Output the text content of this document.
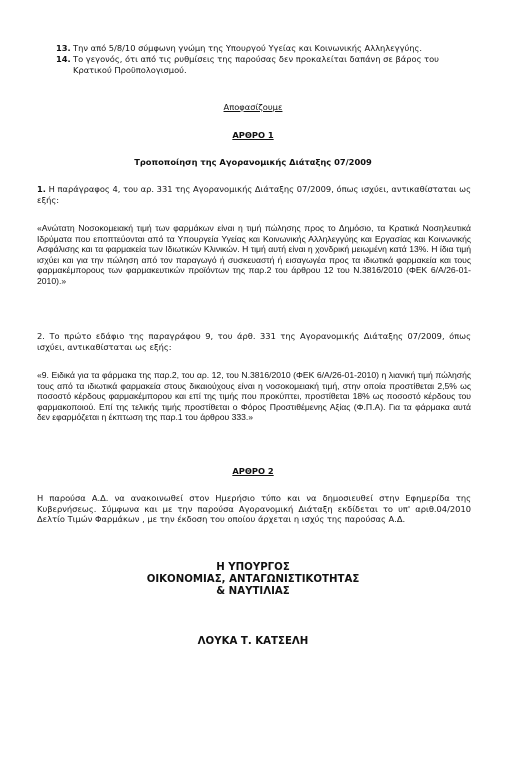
13. Την από 5/8/10 σύμφωνη γνώμη της Υπουργού Υγείας και Κοινωνικής Αλληλεγγύης.
14. Το γεγονός, ότι από τις ρυθμίσεις της παρούσας δεν προκαλείται δαπάνη σε βάρος του Κρατικού Προϋπολογισμού.
Αποφασίζουμε
ΑΡΘΡΟ 1
Τροποποίηση της Αγορανομικής Διάταξης 07/2009
1. Η παράγραφος 4, του αρ. 331 της Αγορανομικής Διάταξης 07/2009, όπως ισχύει, αντικαθίσταται ως εξής:
«Ανώτατη Νοσοκομειακή τιμή των φαρμάκων είναι η τιμή πώλησης προς το Δημόσιο, τα Κρατικά Νοσηλευτικά Ιδρύματα που εποπτεύονται από τα Υπουργεία Υγείας και Κοινωνικής Αλληλεγγύης και Εργασίας και Κοινωνικής Ασφάλισης και τα φαρμακεία των Ιδιωτικών Κλινικών. Η τιμή αυτή είναι η χονδρική μειωμένη κατά 13%. Η ίδια τιμή ισχύει και για την πώληση από τον παραγωγό ή συσκευαστή ή εισαγωγέα προς τα ιδιωτικά φαρμακεία και τους φαρμακέμπορους των φαρμακευτικών προϊόντων της παρ.2 του άρθρου 12 του Ν.3816/2010 (ΦΕΚ 6/Α/26-01-2010).»
2. Το πρώτο εδάφιο της παραγράφου 9, του άρθ. 331 της Αγορανομικής Διάταξης 07/2009, όπως ισχύει, αντικαθίσταται ως εξής:
«9. Ειδικά για τα φάρμακα της παρ.2, του αρ. 12, του Ν.3816/2010 (ΦΕΚ 6/Α/26-01-2010) η λιανική τιμή πώλησής τους από τα ιδιωτικά φαρμακεία στους δικαιούχους είναι η νοσοκομειακή τιμή, στην οποία προστίθεται 2,5% ως ποσοστό κέρδους φαρμακέμπορου και επί της τιμής που προκύπτει, προστίθεται 18% ως ποσοστό κέρδους του φαρμακοποιού. Επί της τελικής τιμής προστίθεται ο Φόρος Προστιθέμενης Αξίας (Φ.Π.Α). Για τα φάρμακα αυτά δεν εφαρμόζεται η έκπτωση της παρ.1 του άρθρου 333.»
ΑΡΘΡΟ 2
Η παρούσα Α.Δ. να ανακοινωθεί στον Ημερήσιο τύπο και να δημοσιευθεί στην Εφημερίδα της Κυβερνήσεως. Σύμφωνα και με την παρούσα Αγορανομική Διάταξη εκδίδεται το υπ' αριθ.04/2010 Δελτίο Τιμών Φαρμάκων , με την έκδοση του οποίου άρχεται η ισχύς της παρούσας Α.Δ.
Η ΥΠΟΥΡΓΟΣ
ΟΙΚΟΝΟΜΙΑΣ, ΑΝΤΑΓΩΝΙΣΤΙΚΟΤΗΤΑΣ
& ΝΑΥΤΙΛΙΑΣ
ΛΟΥΚΑ Τ. ΚΑΤΣΕΛΗ
